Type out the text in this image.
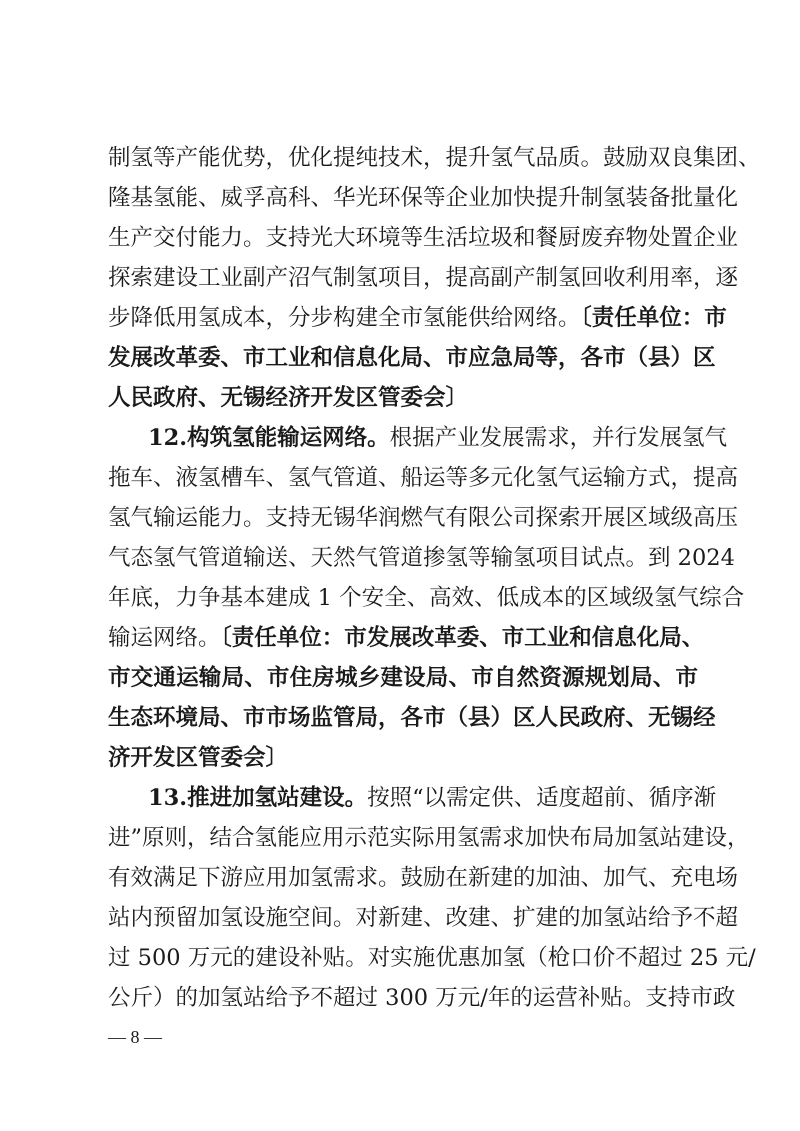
制氢等产能优势，优化提纯技术，提升氢气品质。鼓励双良集团、
隆基氢能、威孚高科、华光环保等企业加快提升制氢装备批量化
生产交付能力。支持光大环境等生活垃圾和餐厨废弃物处置企业
探索建设工业副产沼气制氢项目，提高副产制氢回收利用率，逐
步降低用氢成本，分步构建全市氢能供给网络。〔责任单位：市
发展改革委、市工业和信息化局、市应急局等，各市（县）区
人民政府、无锡经济开发区管委会〕
12.构筑氢能输运网络。根据产业发展需求，并行发展氢气
拖车、液氢槽车、氢气管道、船运等多元化氢气运输方式，提高
氢气输运能力。支持无锡华润燃气有限公司探索开展区域级高压
气态氢气管道输送、天然气管道掺氢等输氢项目试点。到 2024
年底，力争基本建成 1 个安全、高效、低成本的区域级氢气综合
输运网络。〔责任单位：市发展改革委、市工业和信息化局、
市交通运输局、市住房城乡建设局、市自然资源规划局、市
生态环境局、市市场监管局，各市（县）区人民政府、无锡经
济开发区管委会〕
13.推进加氢站建设。按照“以需定供、适度超前、循序渐
进”原则，结合氢能应用示范实际用氢需求加快布局加氢站建设，
有效满足下游应用加氢需求。鼓励在新建的加油、加气、充电场
站内预留加氢设施空间。对新建、改建、扩建的加氢站给予不超
过 500 万元的建设补贴。对实施优惠加氢（枪口价不超过 25 元/
公斤）的加氢站给予不超过 300 万元/年的运营补贴。支持市政
— 8 —
